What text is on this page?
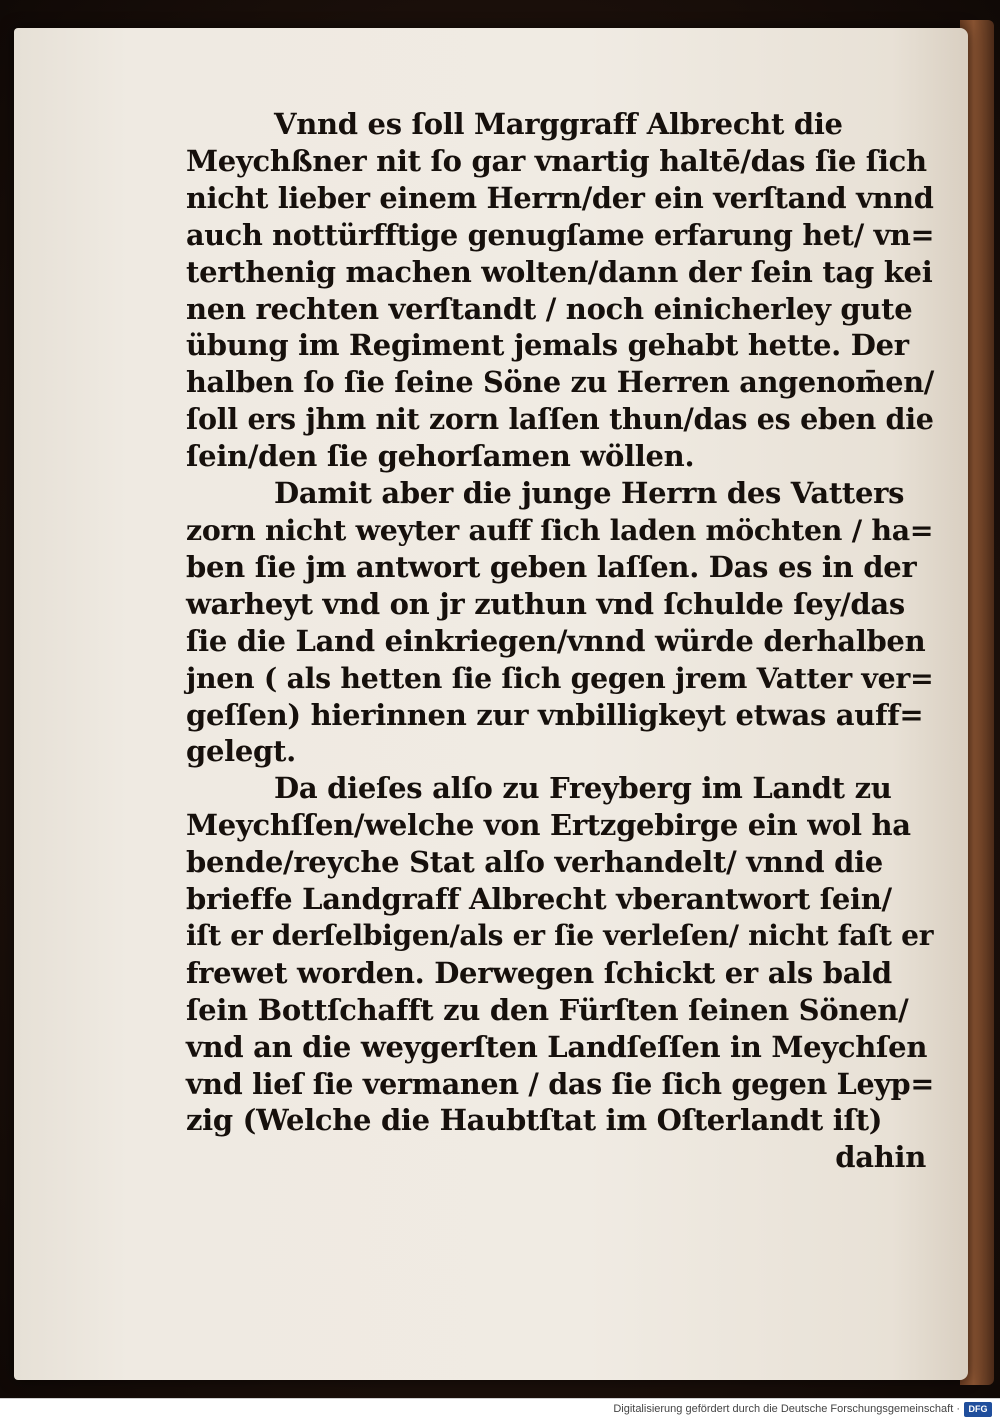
Vnnd es ſoll Marggraff Albrecht die
Meychßner nit ſo gar vnartig haltē/das ſie ſich
nicht lieber einem Herrn/der ein verſtand vnnd
auch nottürfftige genugſame erfarung het/ vn=
terthenig machen wolten/dann der ſein tag kei
nen rechten verſtandt / noch einicherley gute
übung im Regiment jemals gehabt hette. Der
halben ſo ſie ſeine Söne zu Herren angenom̄en/
ſoll ers jhm nit zorn laſſen thun/das es eben die
ſein/den ſie gehorſamen wöllen.
Damit aber die junge Herrn des Vatters
zorn nicht weyter auff ſich laden möchten / ha=
ben ſie jm antwort geben laſſen. Das es in der
warheyt vnd on jr zuthun vnd ſchulde ſey/das
ſie die Land einkriegen/vnnd würde derhalben
jnen ( als hetten ſie ſich gegen jrem Vatter ver=
geſſen) hierinnen zur vnbilligkeyt etwas auff=
gelegt.
Da dieſes alſo zu Freyberg im Landt zu
Meychſſen/welche von Ertzgebirge ein wol ha
bende/reyche Stat alſo verhandelt/ vnnd die
brieffe Landgraff Albrecht vberantwort ſein/
iſt er derſelbigen/als er ſie verleſen/ nicht faſt er
frewet worden. Derwegen ſchickt er als bald
ſein Bottſchafft zu den Fürſten ſeinen Sönen/
vnd an die weygerſten Landſeſſen in Meychſen
vnd lieſ ſie vermanen / das ſie ſich gegen Leyp=
zig (Welche die Haubtſtat im Oſterlandt iſt)
dahin
Digitalisierung gefördert durch die Deutsche Forschungsgemeinschaft · DFG
